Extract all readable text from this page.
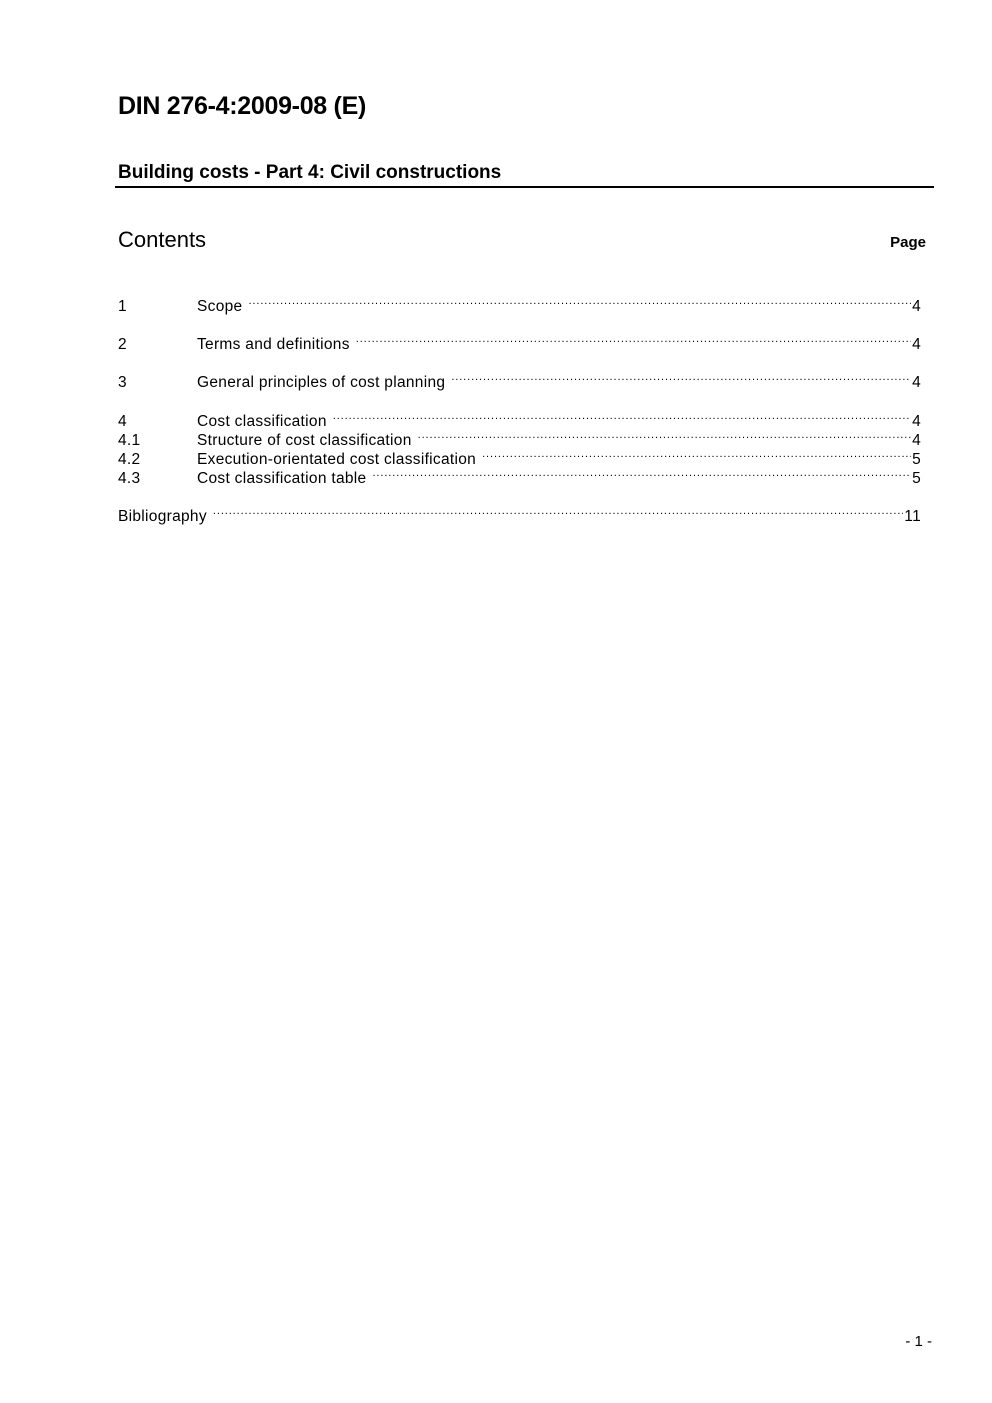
DIN 276-4:2009-08 (E)
Building costs - Part 4: Civil constructions
Contents	Page
1	Scope .....	4
2	Terms and definitions .....	4
3	General principles of cost planning .....	4
4	Cost classification .....	4
4.1	Structure of cost classification .....	4
4.2	Execution-orientated cost classification .....	5
4.3	Cost classification table .....	5
Bibliography .....	11
- 1 -
